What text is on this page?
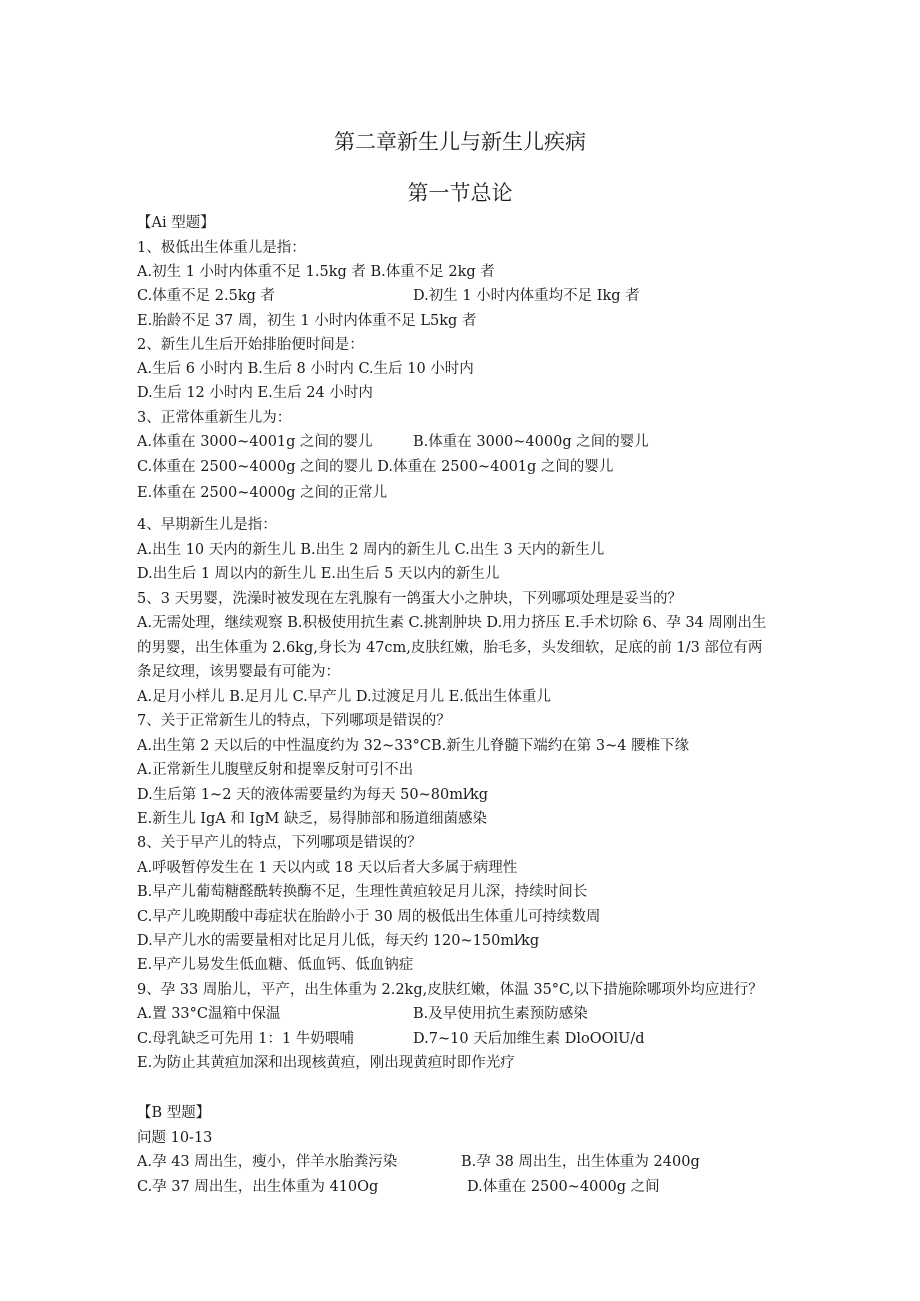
第二章新生儿与新生儿疾病
第一节总论
【Ai 型题】
1、极低出生体重儿是指：
A.初生 1 小时内体重不足 1.5kg 者 B.体重不足 2kg 者
C.体重不足 2.5kg 者	D.初生 1 小时内体重均不足 Ikg 者
E.胎龄不足 37 周，初生 1 小时内体重不足 L5kg 者
2、新生儿生后开始排胎便时间是：
A.生后 6 小时内 B.生后 8 小时内 C.生后 10 小时内
D.生后 12 小时内 E.生后 24 小时内
3、正常体重新生儿为：
A.体重在 3000~4001g 之间的婴儿	B.体重在 3000~4000g 之间的婴儿
C.体重在 2500~4000g 之间的婴儿 D.体重在 2500~4001g 之间的婴儿
E.体重在 2500~4000g 之间的正常儿
4、早期新生儿是指：
A.出生 10 天内的新生儿 B.出生 2 周内的新生儿 C.出生 3 天内的新生儿
D.出生后 1 周以内的新生儿 E.出生后 5 天以内的新生儿
5、3 天男婴，洗澡时被发现在左乳腺有一鸽蛋大小之肿块，下列哪项处理是妥当的？
A.无需处理，继续观察 B.积极使用抗生素 C.挑割肿块 D.用力挤压 E.手术切除 6、孕 34 周刚出生
的男婴，出生体重为 2.6kg,身长为 47cm,皮肤红嫩，胎毛多，头发细软，足底的前 1/3 部位有两
条足纹理，该男婴最有可能为：
A.足月小样儿 B.足月儿 C.早产儿 D.过渡足月儿 E.低出生体重儿
7、关于正常新生儿的特点，下列哪项是错误的？
A.出生第 2 天以后的中性温度约为 32~33°CB.新生儿脊髓下端约在第 3~4 腰椎下缘
A.正常新生儿腹壁反射和提睾反射可引不出
D.生后第 1~2 天的液体需要量约为每天 50~80ml⁄kg
E.新生儿 IgA 和 IgM 缺乏，易得肺部和肠道细菌感染
8、关于早产儿的特点，下列哪项是错误的？
A.呼吸暂停发生在 1 天以内或 18 天以后者大多属于病理性
B.早产儿葡萄糖醛酰转换酶不足，生理性黄疸较足月儿深，持续时间长
C.早产儿晚期酸中毒症状在胎龄小于 30 周的极低出生体重儿可持续数周
D.早产儿水的需要量相对比足月儿低，每天约 120~150ml⁄kg
E.早产儿易发生低血糖、低血钙、低血钠症
9、孕 33 周胎儿，平产，出生体重为 2.2kg,皮肤红嫩，体温 35°C,以下措施除哪项外均应进行？
A.置 33°C温箱中保温	B.及早使用抗生素预防感染
C.母乳缺乏可先用 1：1 牛奶喂哺	D.7~10 天后加维生素 DloOOlU/d
E.为防止其黄疸加深和出现核黄疸，刚出现黄疸时即作光疗
【B 型题】
问题 10-13
A.孕 43 周出生，瘦小，伴羊水胎粪污染	B.孕 38 周出生，出生体重为 2400g
C.孕 37 周出生，出生体重为 410Og	D.体重在 2500~4000g 之间
